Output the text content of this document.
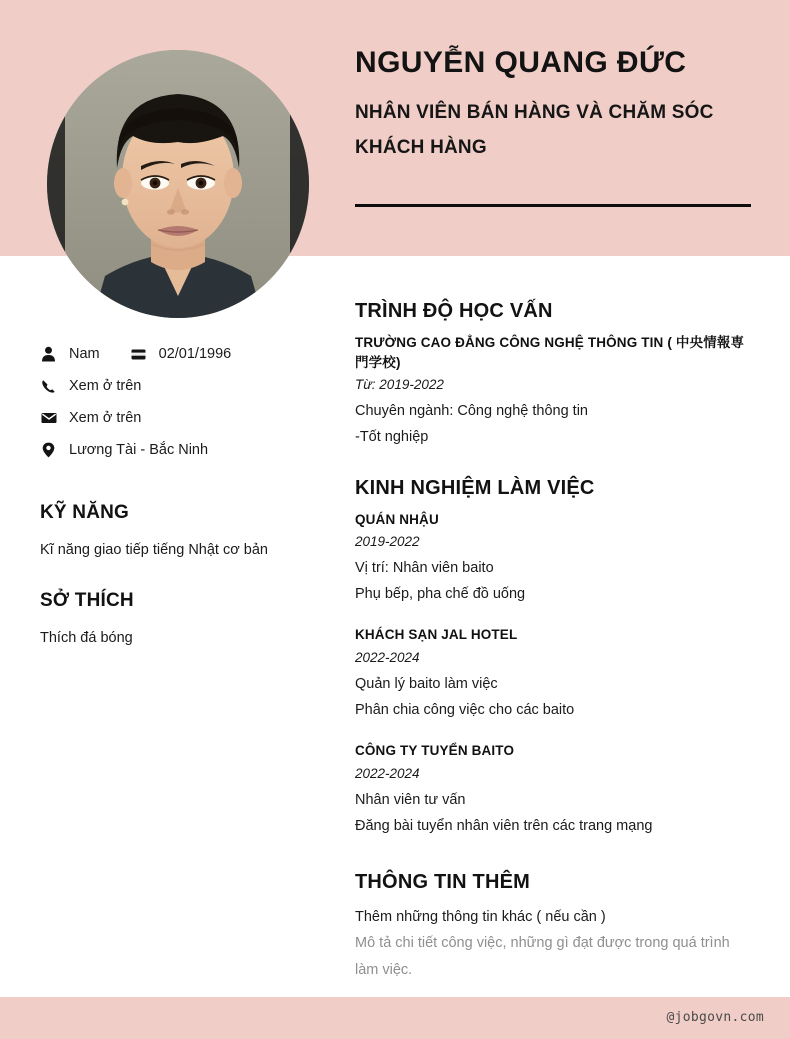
NGUYỄN QUANG ĐỨC
NHÂN VIÊN BÁN HÀNG VÀ CHĂM SÓC KHÁCH HÀNG
Nam	02/01/1996
Xem ở trên
Xem ở trên
Lương Tài - Bắc Ninh
KỸ NĂNG

Kĩ năng giao tiếp tiếng Nhật cơ bản

SỞ THÍCH

Thích đá bóng

TRÌNH ĐỘ HỌC VẤN

TRƯỜNG CAO ĐẲNG CÔNG NGHỆ THÔNG TIN ( 中央情報専門学校)

Từ: 2019-2022

Chuyên ngành: Công nghệ thông tin

-Tốt nghiệp

KINH NGHIỆM LÀM VIỆC

QUÁN NHẬU

2019-2022

Vị trí: Nhân viên baito

Phụ bếp, pha chế đồ uống

KHÁCH SẠN JAL HOTEL

2022-2024

Quản lý baito làm việc

Phân chia công việc cho các baito

CÔNG TY TUYỂN BAITO

2022-2024

Nhân viên tư vấn

Đăng bài tuyển nhân viên trên các trang mạng

THÔNG TIN THÊM

Thêm những thông tin khác ( nếu cần )

Mô tả chi tiết công việc, những gì đạt được trong quá trình làm việc.

@jobgovn.com
